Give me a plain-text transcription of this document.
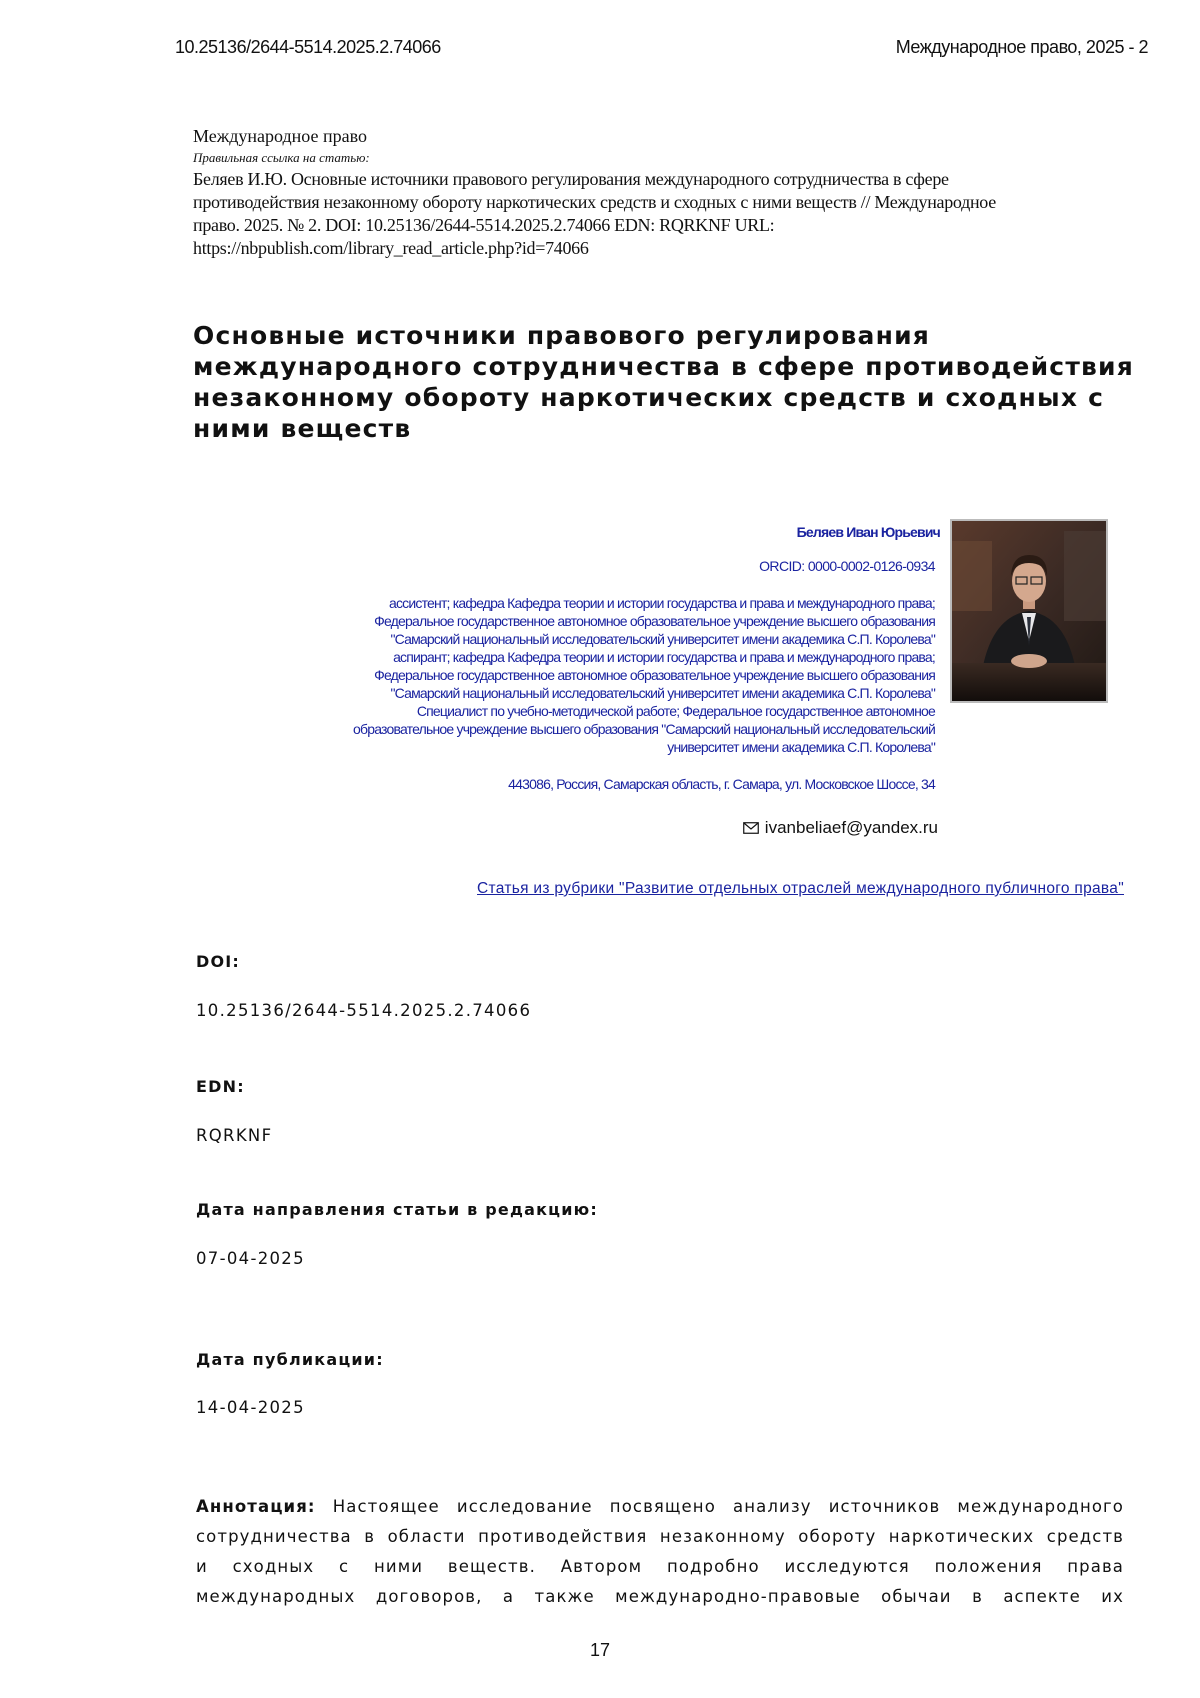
10.25136/2644-5514.2025.2.74066	Международное право, 2025 - 2
Международное право
Правильная ссылка на статью:
Беляев И.Ю. Основные источники правового регулирования международного сотрудничества в сфере
противодействия незаконному обороту наркотических средств и сходных с ними веществ // Международное
право. 2025. № 2. DOI: 10.25136/2644-5514.2025.2.74066 EDN: RQRKNF URL:
https://nbpublish.com/library_read_article.php?id=74066
Основные источники правового регулирования
международного сотрудничества в сфере противодействия
незаконному обороту наркотических средств и сходных с
ними веществ
Беляев Иван Юрьевич
ORCID: 0000-0002-0126-0934
ассистент; кафедра Кафедра теории и истории государства и права и международного права;
Федеральное государственное автономное образовательное учреждение высшего образования
"Самарский национальный исследовательский университет имени академика С.П. Королева"
аспирант; кафедра Кафедра теории и истории государства и права и международного права;
Федеральное государственное автономное образовательное учреждение высшего образования
"Самарский национальный исследовательский университет имени академика С.П. Королева"
Специалист по учебно-методической работе; Федеральное государственное автономное
образовательное учреждение высшего образования "Самарский национальный исследовательский
университет имени академика С.П. Королева"
443086, Россия, Самарская область, г. Самара, ул. Московское Шоссе, 34
ivanbeliaef@yandex.ru
Статья из рубрики "Развитие отдельных отраслей международного публичного права"
DOI:
10.25136/2644-5514.2025.2.74066
EDN:
RQRKNF
Дата направления статьи в редакцию:
07-04-2025
Дата публикации:
14-04-2025
Аннотация: Настоящее исследование посвящено анализу источников международного
сотрудничества в области противодействия незаконному обороту наркотических средств
и сходных с ними веществ. Автором подробно исследуются положения права
международных договоров, а также международно-правовые обычаи в аспекте их
17
